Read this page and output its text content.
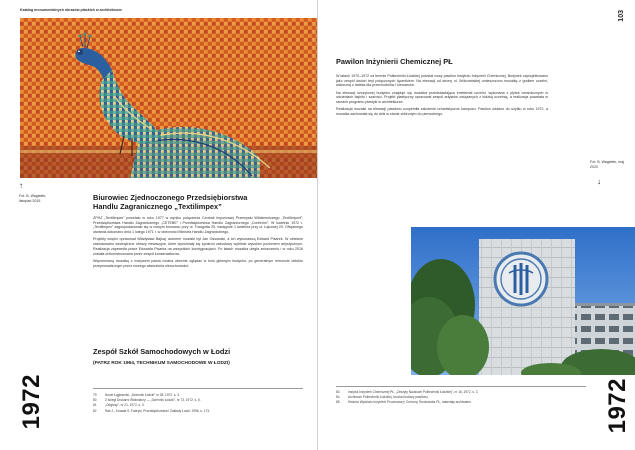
Katalog monumentalnych obrazów płaskich w architekturze
↑
Fot. B. Wagiełek, listopad 2015	Biurowiec Zjednoczonego Przedsiębiorstwa
Handlu Zagranicznego „Textilimpex”

ZPHZ „Textilimpex” powstało w roku 1977 w wyniku połączenia Centrali Importowej Przemysłu Włókienniczego „Textilimport”, Przedsiębiorstwa Handlu Zagranicznego „CETEBE” i Przedsiębiorstwa Handlu Zagranicznego „Confexim”. W kwietniu 1972 r. „Textilimpex” zagospodarowało się w nowym biurowcu przy ul. Traugutta 25, następnie 1 kwietnia przy ul. Łąkowej 29. Oficjalnego otwarcia dokonano dnia 1 lutego 1971 r. w obecności Ministra Handlu Zagranicznego.

Projekty wnętrz opracował Władysław Bajkaj, autorem mozaiki był Jan Ossowski, a ich wykonawcą Edward Pisarek. W obiekcie zastosowano wewnętrzne obrazy elewacyjne, które wyróżniały się spośród zabudowy wybitnie wysokim poziomem artystycznym. Realizacja zapewniła prace Edwarda Pisarka na wszystkich kondygnacjach. Po latach mozaika uległa zniszczeniu i w roku 2016 została zrekonstruowana przez zespół konserwatorów.

Wspomnianą mozaikę z motywem pawia można obecnie oglądać w holu głównym budynku, po generalnym remoncie obiektu przeprowadzonym przez nowego właściciela nieruchomości.

Zespół Szkół Samochodowych w Łodzi
(PATRZ ROK 1964, TECHNIKUM SAMOCHODOWE W ŁODZI)
1972	79	Nowe Łągiewniki, „Dziennik Łódzki” nr 28, 1972, s. 3.
80	Z kolegi Drukarni Włókniarzy — „Dziennik Łódzki”, nr 73, 1972, s. 5.
81	„Odgłosy”, nr 21, 1972, s. 3.
82	Rak J., Kowala S. Fabryki, Przedsiębiorstwa i Zakłady Łodzi, 1996, s. 173.
103
Pawilon Inżynierii Chemicznej PŁ

W latach 1970–1972 na terenie Politechniki Łódzkiej powstał nowy pawilon Instytutu Inżynierii Chemicznej. Budynek zaprojektowano jako zespół dwóch brył połączonych łącznikiem. Na elewacji od strony ul. Wólczańskiej umieszczono mozaikę z godłem uczelni, widoczną z daleka dla przechodniów i kierowców.

Na elewacji szczytowej budynku znajduje się mozaika przedstawiająca emblemat uczelni, wykonana z płytek ceramicznych w odcieniach błękitu i szarości. Projekt plastyczny opracował zespół artystów związanych z łódzką uczelnią, a realizacja powstała w ramach programu plastyki w architekturze.

Realizacja mozaiki na elewacji pawilonu uzupełniła założenie urbanistyczne kampusu. Pawilon oddano do użytku w roku 1972, a mozaika zachowała się do dziś w stanie zbliżonym do pierwotnego.

Fot. B. Wagiełek, maj 2020
↓
1972
83	Instytut Inżynierii Chemicznej PŁ, „Zeszyty Naukowe Politechniki Łódzkiej”, nr 16, 1972, s. 3.
84	Archiwum Politechniki Łódzkiej, teczka budowy pawilonu.
85	Historia Wydziału Inżynierii Procesowej i Ochrony Środowiska PŁ, materiały archiwalne.
